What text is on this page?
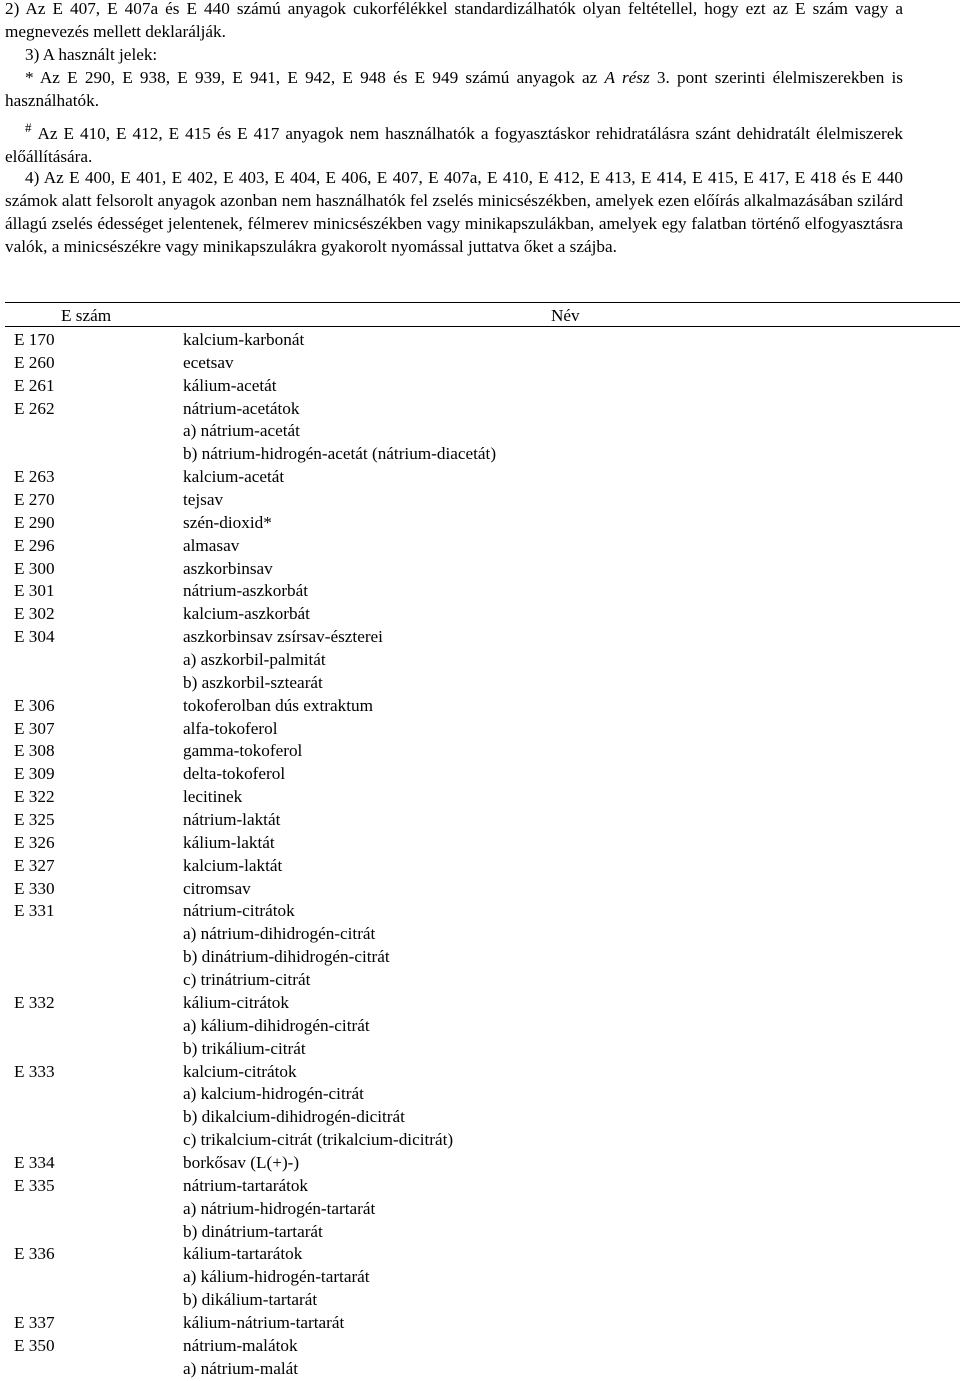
2) Az E 407, E 407a és E 440 számú anyagok cukorfélékkel standardizálhatók olyan feltétellel, hogy ezt az E szám vagy a megnevezés mellett deklarálják.

3) A használt jelek:

* Az E 290, E 938, E 939, E 941, E 942, E 948 és E 949 számú anyagok az A rész 3. pont szerinti élelmiszerekben is használhatók.

# Az E 410, E 412, E 415 és E 417 anyagok nem használhatók a fogyasztáskor rehidratálásra szánt dehidratált élelmiszerek előállítására.

4) Az E 400, E 401, E 402, E 403, E 404, E 406, E 407, E 407a, E 410, E 412, E 413, E 414, E 415, E 417, E 418 és E 440 számok alatt felsorolt anyagok azonban nem használhatók fel zselés minicsészékben, amelyek ezen előírás alkalmazásában szilárd állagú zselés édességet jelentenek, félmerev minicsészékben vagy minikapszulákban, amelyek egy falatban történő elfogyasztásra valók, a minicsészékre vagy minikapszulákra gyakorolt nyomással juttatva őket a szájba.

E szám	Név
E 170	kalcium-karbonát
E 260	ecetsav
E 261	kálium-acetát
E 262	nátrium-acetátok
a) nátrium-acetát
b) nátrium-hidrogén-acetát (nátrium-diacetát)
E 263	kalcium-acetát
E 270	tejsav
E 290	szén-dioxid*
E 296	almasav
E 300	aszkorbinsav
E 301	nátrium-aszkorbát
E 302	kalcium-aszkorbát
E 304	aszkorbinsav zsírsav-észterei
a) aszkorbil-palmitát
b) aszkorbil-sztearát
E 306	tokoferolban dús extraktum
E 307	alfa-tokoferol
E 308	gamma-tokoferol
E 309	delta-tokoferol
E 322	lecitinek
E 325	nátrium-laktát
E 326	kálium-laktát
E 327	kalcium-laktát
E 330	citromsav
E 331	nátrium-citrátok
a) nátrium-dihidrogén-citrát
b) dinátrium-dihidrogén-citrát
c) trinátrium-citrát
E 332	kálium-citrátok
a) kálium-dihidrogén-citrát
b) trikálium-citrát
E 333	kalcium-citrátok
a) kalcium-hidrogén-citrát
b) dikalcium-dihidrogén-dicitrát
c) trikalcium-citrát (trikalcium-dicitrát)
E 334	borkősav (L(+)-)
E 335	nátrium-tartarátok
a) nátrium-hidrogén-tartarát
b) dinátrium-tartarát
E 336	kálium-tartarátok
a) kálium-hidrogén-tartarát
b) dikálium-tartarát
E 337	kálium-nátrium-tartarát
E 350	nátrium-malátok
a) nátrium-malát
